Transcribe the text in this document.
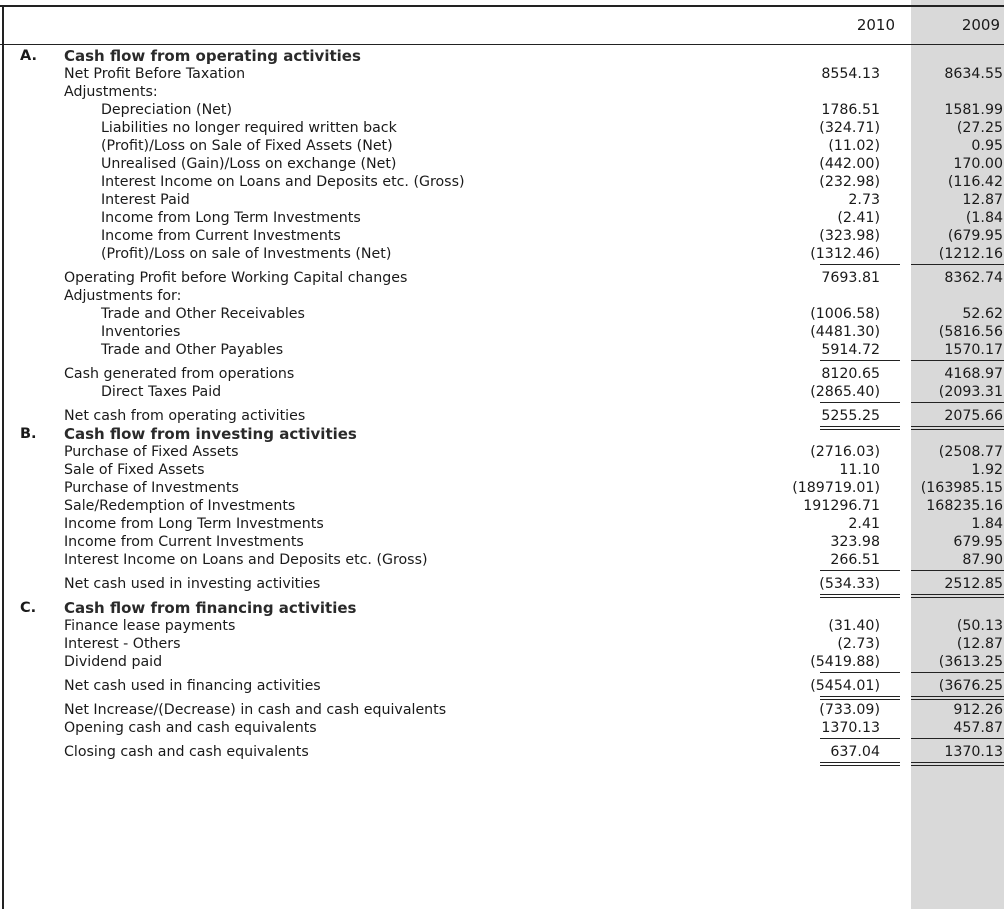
2010	2009
A. Cash flow from operating activities
Net Profit Before Taxation	8554.13	8634.55
Adjustments:
Depreciation (Net)	1786.51	1581.99
Liabilities no longer required written back	(324.71)	(27.25
(Profit)/Loss on Sale of Fixed Assets (Net)	(11.02)	0.95
Unrealised (Gain)/Loss on exchange (Net)	(442.00)	170.00
Interest Income on Loans and Deposits etc. (Gross)	(232.98)	(116.42
Interest Paid	2.73	12.87
Income from Long Term Investments	(2.41)	(1.84
Income from Current Investments	(323.98)	(679.95
(Profit)/Loss on sale of Investments (Net)	(1312.46)	(1212.16
Operating Profit before Working Capital changes	7693.81	8362.74
Adjustments for:
Trade and Other Receivables	(1006.58)	52.62
Inventories	(4481.30)	(5816.56
Trade and Other Payables	5914.72	1570.17
Cash generated from operations	8120.65	4168.97
Direct Taxes Paid	(2865.40)	(2093.31
Net cash from operating activities	5255.25	2075.66
B. Cash flow from investing activities
Purchase of Fixed Assets	(2716.03)	(2508.77
Sale of Fixed Assets	11.10	1.92
Purchase of Investments	(189719.01)	(163985.15
Sale/Redemption of Investments	191296.71	168235.16
Income from Long Term Investments	2.41	1.84
Income from Current Investments	323.98	679.95
Interest Income on Loans and Deposits etc. (Gross)	266.51	87.90
Net cash used in investing activities	(534.33)	2512.85
C. Cash flow from financing activities
Finance lease payments	(31.40)	(50.13
Interest - Others	(2.73)	(12.87
Dividend paid	(5419.88)	(3613.25
Net cash used in financing activities	(5454.01)	(3676.25
Net Increase/(Decrease) in cash and cash equivalents	(733.09)	912.26
Opening cash and cash equivalents	1370.13	457.87
Closing cash and cash equivalents	637.04	1370.13
